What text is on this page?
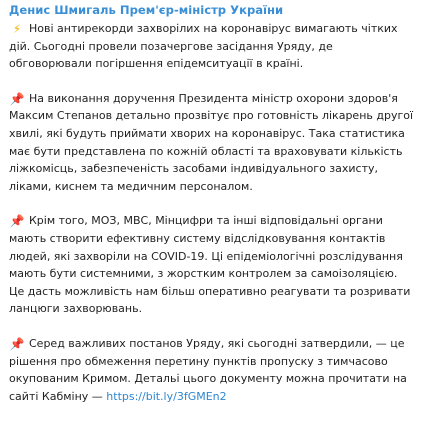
Денис Шмигаль Прем'єр-міністр України

⚡ Нові антирекорди захворілих на коронавірус вимагають чітких дій. Сьогодні провели позачергове засідання Уряду, де обговорювали погіршення епідемситуації в країні.

📌 На виконання доручення Президента міністр охорони здоров'я Максим Степанов детально прозвітує про готовність лікарень другої хвилі, які будуть приймати хворих на коронавірус. Така статистика має бути представлена по кожній області та враховувати кількість ліжкомісць, забезпеченість засобами індивідуального захисту, ліками, киснем та медичним персоналом.

📌 Крім того, МОЗ, МВС, Мінцифри та інші відповідальні органи мають створити ефективну систему відслідковування контактів людей, які захворіли на COVID-19. Ці епідеміологічні розслідування мають бути системними, з жорстким контролем за самоізоляцією. Це дасть можливість нам більш оперативно реагувати та розривати ланцюги захворювань.

📌 Серед важливих постанов Уряду, які сьогодні затвердили, — це рішення про обмеження перетину пунктів пропуску з тимчасово окупованим Кримом. Детальі цього документу можна прочитати на сайті Кабміну — https://bit.ly/3fGMEn2
